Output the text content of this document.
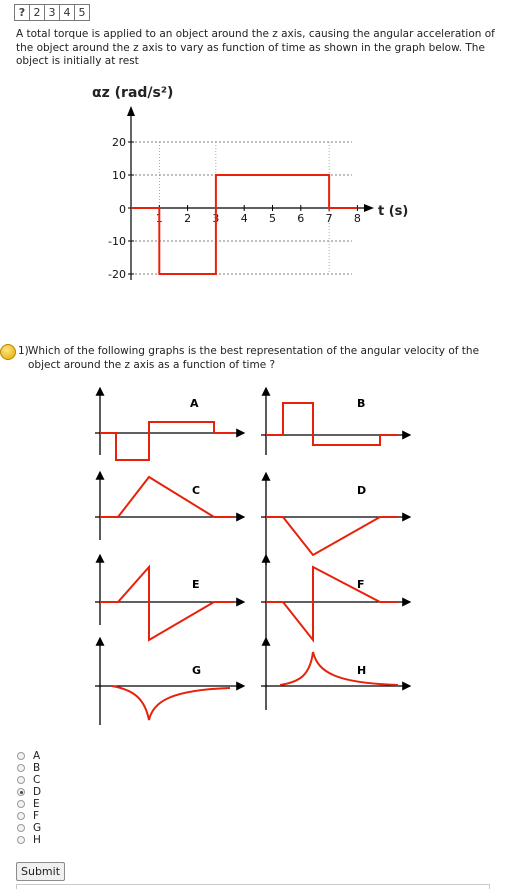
? 2 3 4 5
A total torque is applied to an object around the z axis, causing the angular acceleration of the object around the z axis to vary as function of time as shown in the graph below. The object is initially at rest
αz (rad/s²)
t (s)
20
10
0
-10
-20
1 2 3 4 5 6 7 8
1) Which of the following graphs is the best representation of the angular velocity of the object around the z axis as a function of time ?
A	B
C	D
E	F
G	H
A
B
C
D
E
F
G
H
Submit
